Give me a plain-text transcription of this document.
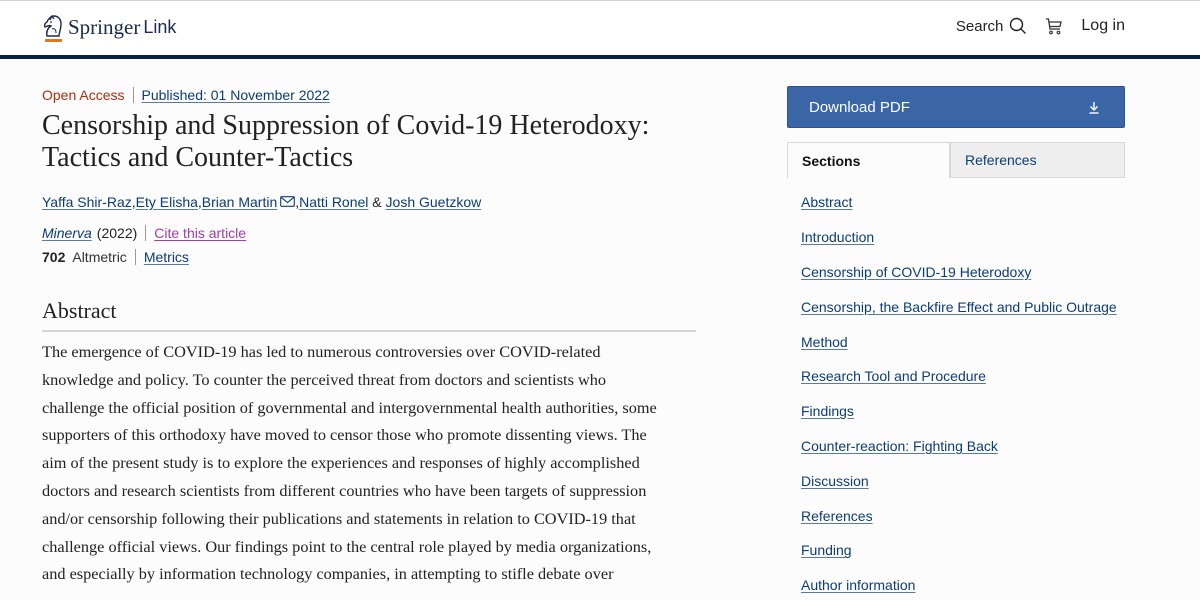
Springer Link	Search	Log in
Open Access Published: 01 November 2022
Censorship and Suppression of Covid-19 Heterodoxy:
Tactics and Counter-Tactics
Yaffa Shir-Raz , Ety Elisha , Brian Martin , Natti Ronel & Josh Guetzkow
Minerva (2022) Cite this article
702 Altmetric Metrics
Abstract
The emergence of COVID-19 has led to numerous controversies over COVID-related
knowledge and policy. To counter the perceived threat from doctors and scientists who
challenge the official position of governmental and intergovernmental health authorities, some
supporters of this orthodoxy have moved to censor those who promote dissenting views. The
aim of the present study is to explore the experiences and responses of highly accomplished
doctors and research scientists from different countries who have been targets of suppression
and/or censorship following their publications and statements in relation to COVID-19 that
challenge official views. Our findings point to the central role played by media organizations,
and especially by information technology companies, in attempting to stifle debate over
Download PDF
Sections	References
Abstract
Introduction
Censorship of COVID-19 Heterodoxy
Censorship, the Backfire Effect and Public Outrage
Method
Research Tool and Procedure
Findings
Counter-reaction: Fighting Back
Discussion
References
Funding
Author information
